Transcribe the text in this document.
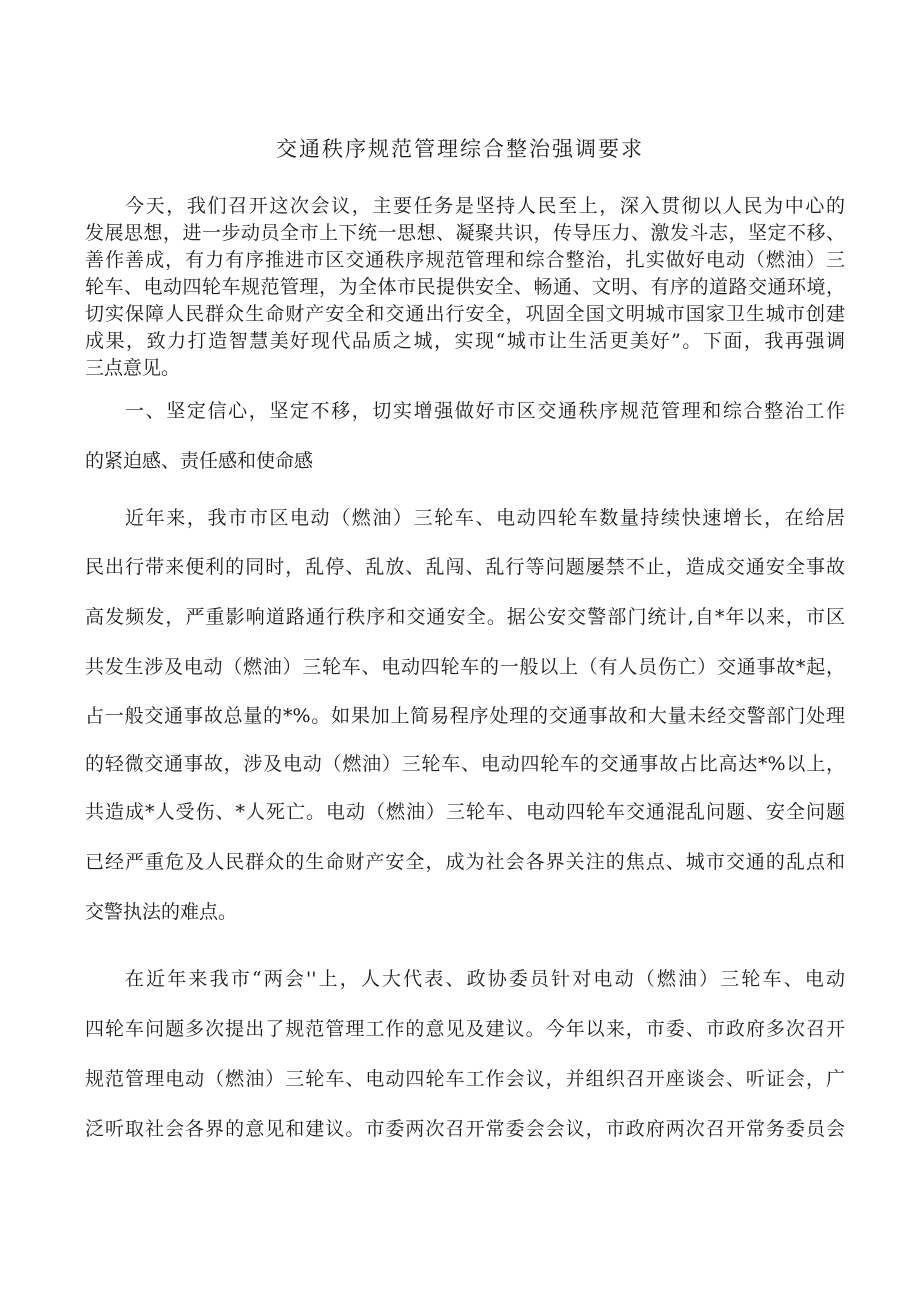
交通秩序规范管理综合整治强调要求
今天，我们召开这次会议，主要任务是坚持人民至上，深入贯彻以人民为中心的
发展思想，进一步动员全市上下统一思想、凝聚共识，传导压力、激发斗志，坚定不移、
善作善成，有力有序推进市区交通秩序规范管理和综合整治，扎实做好电动（燃油）三
轮车、电动四轮车规范管理，为全体市民提供安全、畅通、文明、有序的道路交通环境，
切实保障人民群众生命财产安全和交通出行安全，巩固全国文明城市国家卫生城市创建
成果，致力打造智慧美好现代品质之城，实现“城市让生活更美好”。下面，我再强调
三点意见。
一、坚定信心，坚定不移，切实增强做好市区交通秩序规范管理和综合整治工作
的紧迫感、责任感和使命感
近年来，我市市区电动（燃油）三轮车、电动四轮车数量持续快速增长，在给居
民出行带来便利的同时，乱停、乱放、乱闯、乱行等问题屡禁不止，造成交通安全事故
高发频发，严重影响道路通行秩序和交通安全。据公安交警部门统计,自*年以来，市区
共发生涉及电动（燃油）三轮车、电动四轮车的一般以上（有人员伤亡）交通事故*起，
占一般交通事故总量的*%。如果加上简易程序处理的交通事故和大量未经交警部门处理
的轻微交通事故，涉及电动（燃油）三轮车、电动四轮车的交通事故占比高达*%以上，
共造成*人受伤、*人死亡。电动（燃油）三轮车、电动四轮车交通混乱问题、安全问题
已经严重危及人民群众的生命财产安全，成为社会各界关注的焦点、城市交通的乱点和
交警执法的难点。
在近年来我市“两会''上，人大代表、政协委员针对电动（燃油）三轮车、电动
四轮车问题多次提出了规范管理工作的意见及建议。今年以来，市委、市政府多次召开
规范管理电动（燃油）三轮车、电动四轮车工作会议，并组织召开座谈会、听证会，广
泛听取社会各界的意见和建议。市委两次召开常委会会议，市政府两次召开常务委员会
